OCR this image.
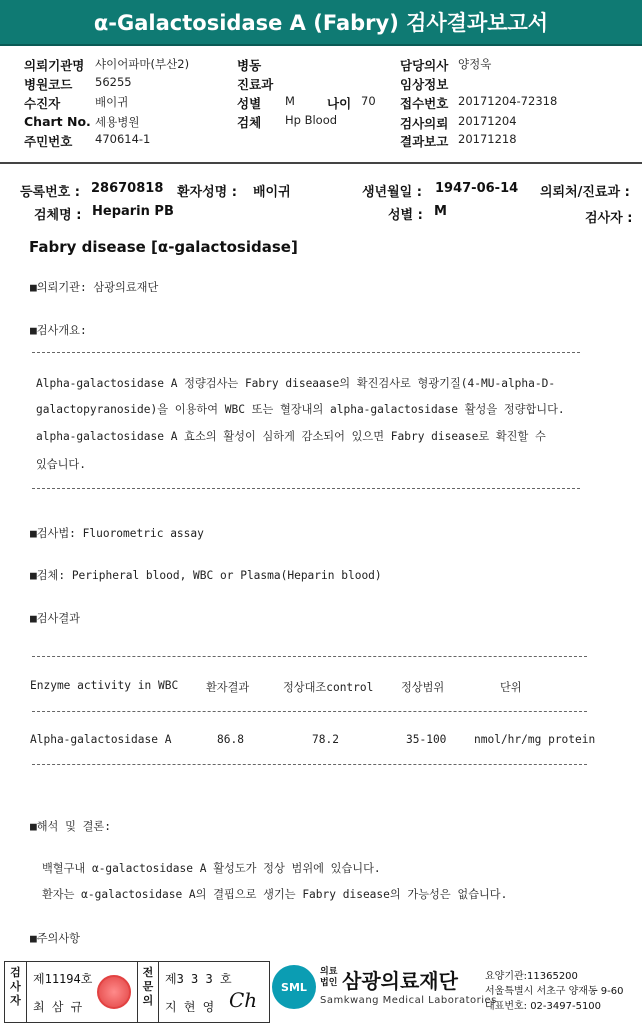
α-Galactosidase A (Fabry) 검사결과보고서
의뢰기관명 샤이어파마(부산2)
병원코드 56255
수진자	배이귀
Chart No. 세용병원
주민번호 470614-1
병동
진료과
성별 M	나이 70
검체 Hp Blood
담당의사 양정욱
임상정보
접수번호 20171204-72318
검사의뢰 20171204
결과보고 20171218
등록번호 : 28670818 환자성명 : 배이귀	생년월일 : 1947-06-14 의뢰처/진료과 :
검체명 : Heparin PB	성별 : M	검사자 :
Fabry disease [α-galactosidase]
■의뢰기관: 삼광의료재단
■검사개요:
Alpha-galactosidase A 정량검사는 Fabry diseaase의 확진검사로 형광기질(4-MU-alpha-D-
galactopyranoside)을 이용하여 WBC 또는 혈장내의 alpha-galactosidase 활성을 정량합니다.
alpha-galactosidase A 효소의 활성이 심하게 감소되어 있으면 Fabry disease로 확진할 수
있습니다.
■검사법: Fluorometric assay
■검체: Peripheral blood, WBC or Plasma(Heparin blood)
■검사결과
Enzyme activity in WBC 환자결과	정상대조control 정상범위	단위
Alpha-galactosidase A	86.8	78.2	35-100 nmol/hr/mg protein
■해석 및 결론:
백혈구내 α-galactosidase A 활성도가 정상 범위에 있습니다.
환자는 α-galactosidase A의 결핍으로 생기는 Fabry disease의 가능성은 없습니다.
■주의사항
검사자
제11194호
최 삼 규
전문의
제3 3 3 호
지 현 영 Ch
SML
의료
법인 삼광의료재단
Samkwang Medical Laboratories
요양기관:11365200
서울특별시 서초구 양재동 9-60
대표번호: 02-3497-5100
